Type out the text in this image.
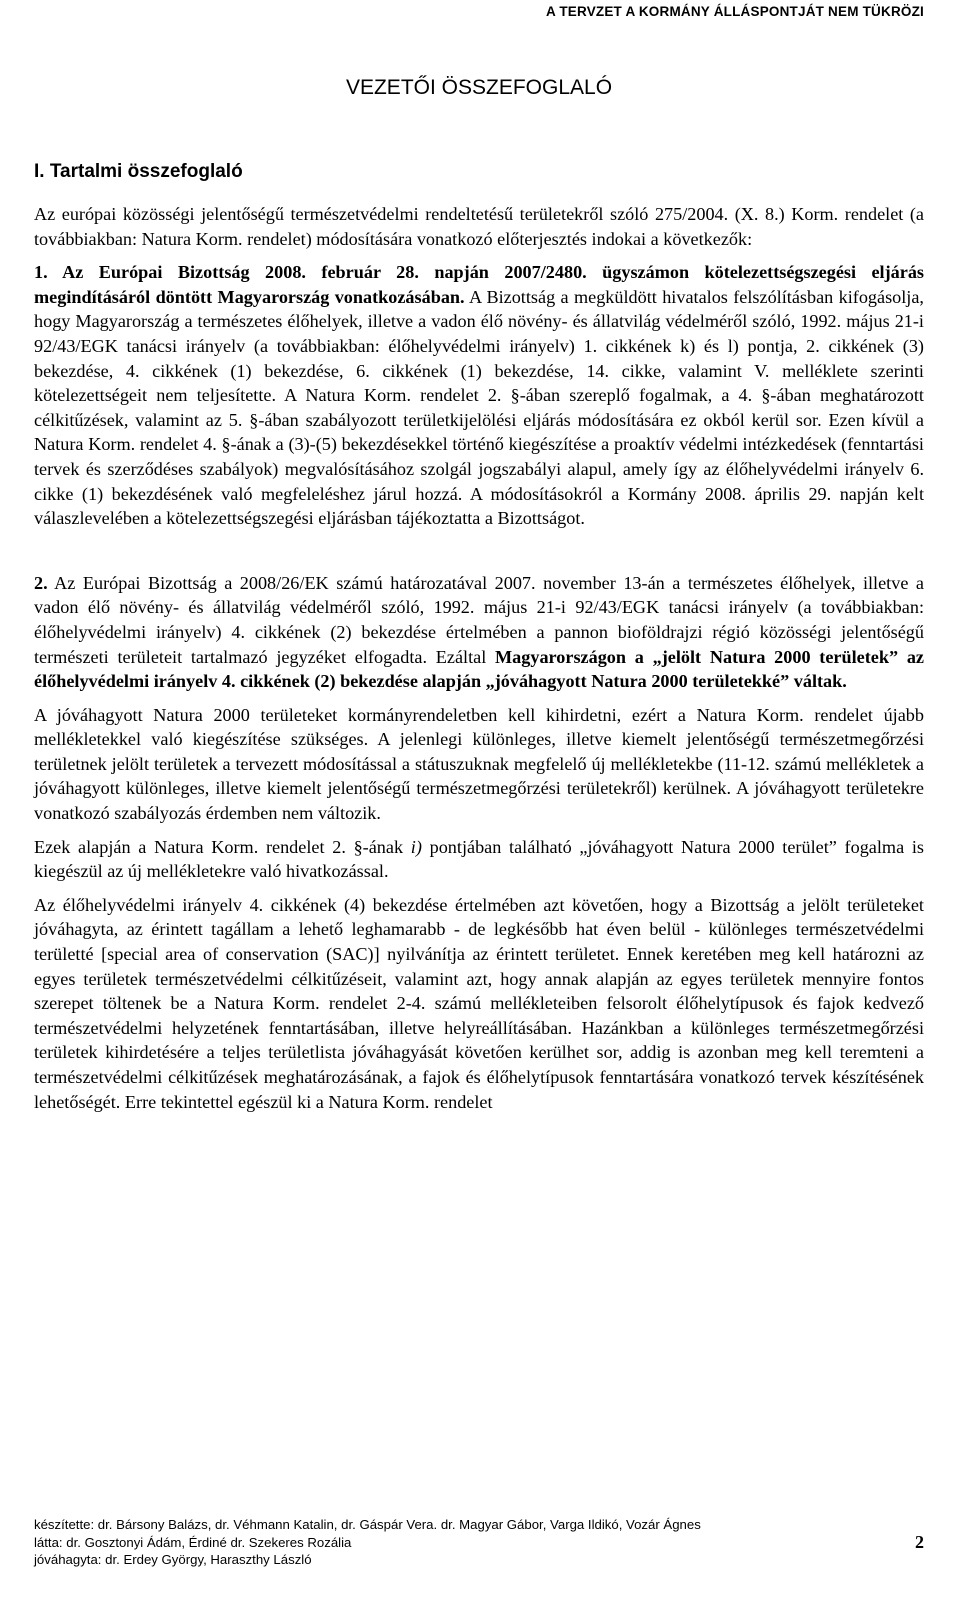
A TERVZET A KORMÁNY ÁLLÁSPONTJÁT NEM TÜKRÖZI
VEZETŐI ÖSSZEFOGLALÓ
I. Tartalmi összefoglaló

Az európai közösségi jelentőségű természetvédelmi rendeltetésű területekről szóló 275/2004. (X. 8.) Korm. rendelet (a továbbiakban: Natura Korm. rendelet) módosítására vonatkozó előterjesztés indokai a következők:

1. Az Európai Bizottság 2008. február 28. napján 2007/2480. ügyszámon kötelezettségszegési eljárás megindításáról döntött Magyarország vonatkozásában. A Bizottság a megküldött hivatalos felszólításban kifogásolja, hogy Magyarország a természetes élőhelyek, illetve a vadon élő növény- és állatvilág védelméről szóló, 1992. május 21-i 92/43/EGK tanácsi irányelv (a továbbiakban: élőhelyvédelmi irányelv) 1. cikkének k) és l) pontja, 2. cikkének (3) bekezdése, 4. cikkének (1) bekezdése, 6. cikkének (1) bekezdése, 14. cikke, valamint V. melléklete szerinti kötelezettségeit nem teljesítette. A Natura Korm. rendelet 2. §-ában szereplő fogalmak, a 4. §-ában meghatározott célkitűzések, valamint az 5. §-ában szabályozott területkijelölési eljárás módosítására ez okból kerül sor. Ezen kívül a Natura Korm. rendelet 4. §-ának a (3)-(5) bekezdésekkel történő kiegészítése a proaktív védelmi intézkedések (fenntartási tervek és szerződéses szabályok) megvalósításához szolgál jogszabályi alapul, amely így az élőhelyvédelmi irányelv 6. cikke (1) bekezdésének való megfeleléshez járul hozzá. A módosításokról a Kormány 2008. április 29. napján kelt válaszlevelében a kötelezettségszegési eljárásban tájékoztatta a Bizottságot.

2. Az Európai Bizottság a 2008/26/EK számú határozatával 2007. november 13-án a természetes élőhelyek, illetve a vadon élő növény- és állatvilág védelméről szóló, 1992. május 21-i 92/43/EGK tanácsi irányelv (a továbbiakban: élőhelyvédelmi irányelv) 4. cikkének (2) bekezdése értelmében a pannon bioföldrajzi régió közösségi jelentőségű természeti területeit tartalmazó jegyzéket elfogadta. Ezáltal Magyarországon a „jelölt Natura 2000 területek” az élőhelyvédelmi irányelv 4. cikkének (2) bekezdése alapján „jóváhagyott Natura 2000 területekké” váltak.

A jóváhagyott Natura 2000 területeket kormányrendeletben kell kihirdetni, ezért a Natura Korm. rendelet újabb mellékletekkel való kiegészítése szükséges. A jelenlegi különleges, illetve kiemelt jelentőségű természetmegőrzési területnek jelölt területek a tervezett módosítással a státuszuknak megfelelő új mellékletekbe (11-12. számú mellékletek a jóváhagyott különleges, illetve kiemelt jelentőségű természetmegőrzési területekről) kerülnek. A jóváhagyott területekre vonatkozó szabályozás érdemben nem változik.

Ezek alapján a Natura Korm. rendelet 2. §-ának i) pontjában található „jóváhagyott Natura 2000 terület” fogalma is kiegészül az új mellékletekre való hivatkozással.

Az élőhelyvédelmi irányelv 4. cikkének (4) bekezdése értelmében azt követően, hogy a Bizottság a jelölt területeket jóváhagyta, az érintett tagállam a lehető leghamarabb - de legkésőbb hat éven belül - különleges természetvédelmi területté [special area of conservation (SAC)] nyilvánítja az érintett területet. Ennek keretében meg kell határozni az egyes területek természetvédelmi célkitűzéseit, valamint azt, hogy annak alapján az egyes területek mennyire fontos szerepet töltenek be a Natura Korm. rendelet 2-4. számú mellékleteiben felsorolt élőhelytípusok és fajok kedvező természetvédelmi helyzetének fenntartásában, illetve helyreállításában. Hazánkban a különleges természetmegőrzési területek kihirdetésére a teljes területlista jóváhagyását követően kerülhet sor, addig is azonban meg kell teremteni a természetvédelmi célkitűzések meghatározásának, a fajok és élőhelytípusok fenntartására vonatkozó tervek készítésének lehetőségét. Erre tekintettel egészül ki a Natura Korm. rendelet

készítette: dr. Bársony Balázs, dr. Véhmann Katalin, dr. Gáspár Vera. dr. Magyar Gábor, Varga Ildikó, Vozár Ágnes
látta: dr. Gosztonyi Ádám, Érdiné dr. Szekeres Rozália
jóváhagyta: dr. Erdey György, Haraszthy László
2
